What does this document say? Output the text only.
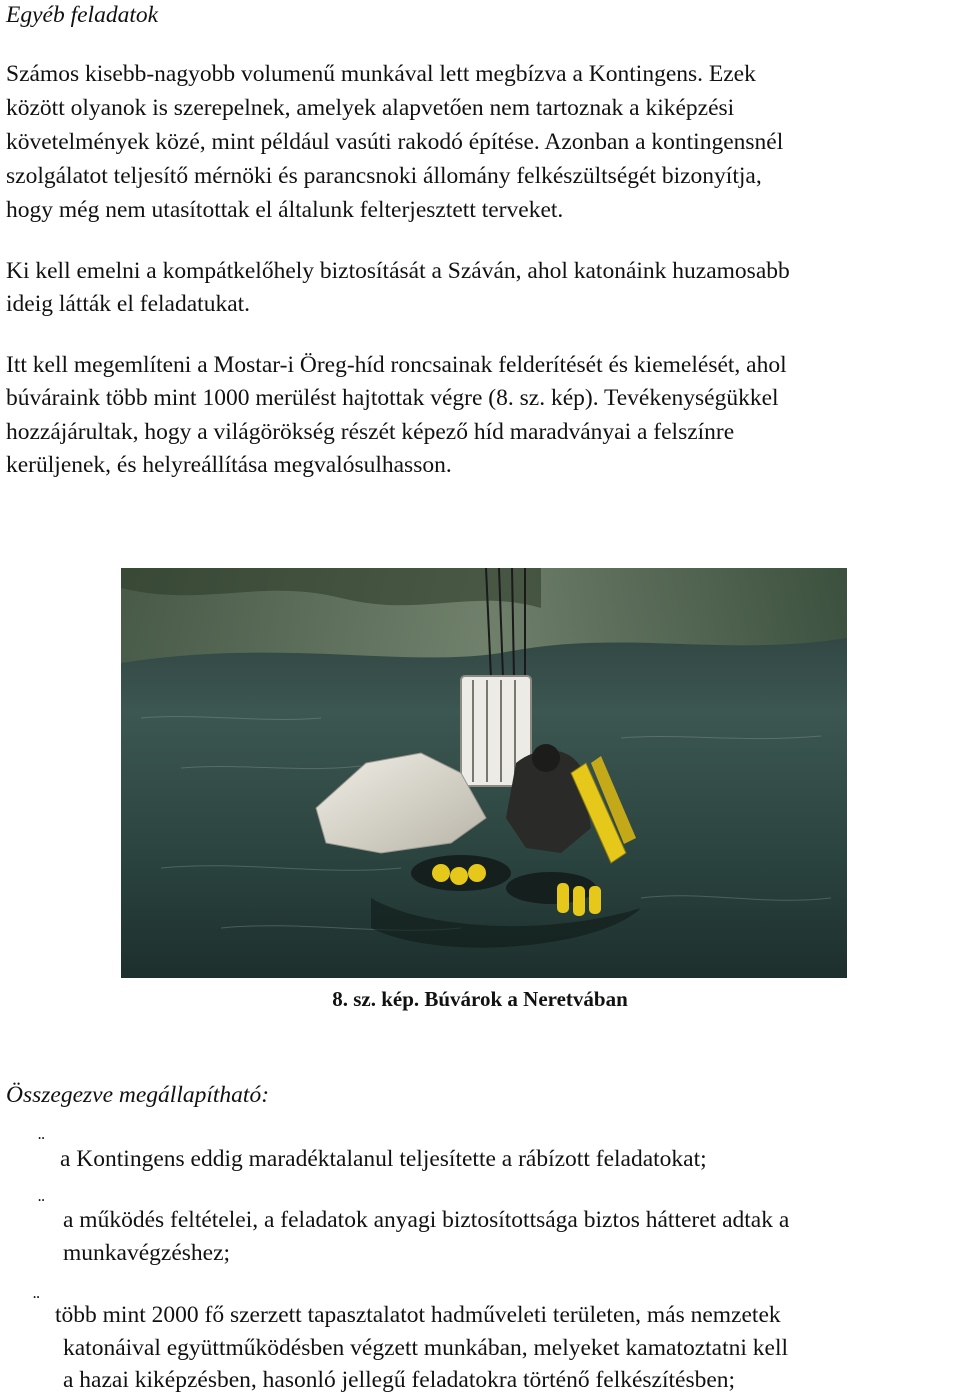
Egyéb feladatok
Számos kisebb-nagyobb volumenű munkával lett megbízva a Kontingens. Ezek
között olyanok is szerepelnek, amelyek alapvetően nem tartoznak a kiképzési
követelmények közé, mint például vasúti rakodó építése. Azonban a kontingensnél
szolgálatot teljesítő mérnöki és parancsnoki állomány felkészültségét bizonyítja,
hogy még nem utasítottak el általunk felterjesztett terveket.
Ki kell emelni a kompátkelőhely biztosítását a Száván, ahol katonáink huzamosabb
ideig látták el feladatukat.
Itt kell megemlíteni a Mostar-i Öreg-híd roncsainak felderítését és kiemelését, ahol
búváraink több mint 1000 merülést hajtottak végre (8. sz. kép). Tevékenységükkel
hozzájárultak, hogy a világörökség részét képező híd maradványai a felszínre
kerüljenek, és helyreállítása megvalósulhasson.
8. sz. kép. Búvárok a Neretvában
Összegezve megállapítható:
¨
a Kontingens eddig maradéktalanul teljesítette a rábízott feladatokat;
¨
a működés feltételei, a feladatok anyagi biztosítottsága biztos hátteret adtak a
munkavégzéshez;
¨ több mint 2000 fő szerzett tapasztalatot hadműveleti területen, más nemzetek
katonáival együttműködésben végzett munkában, melyeket kamatoztatni kell
a hazai kiképzésben, hasonló jellegű feladatokra történő felkészítésben;
